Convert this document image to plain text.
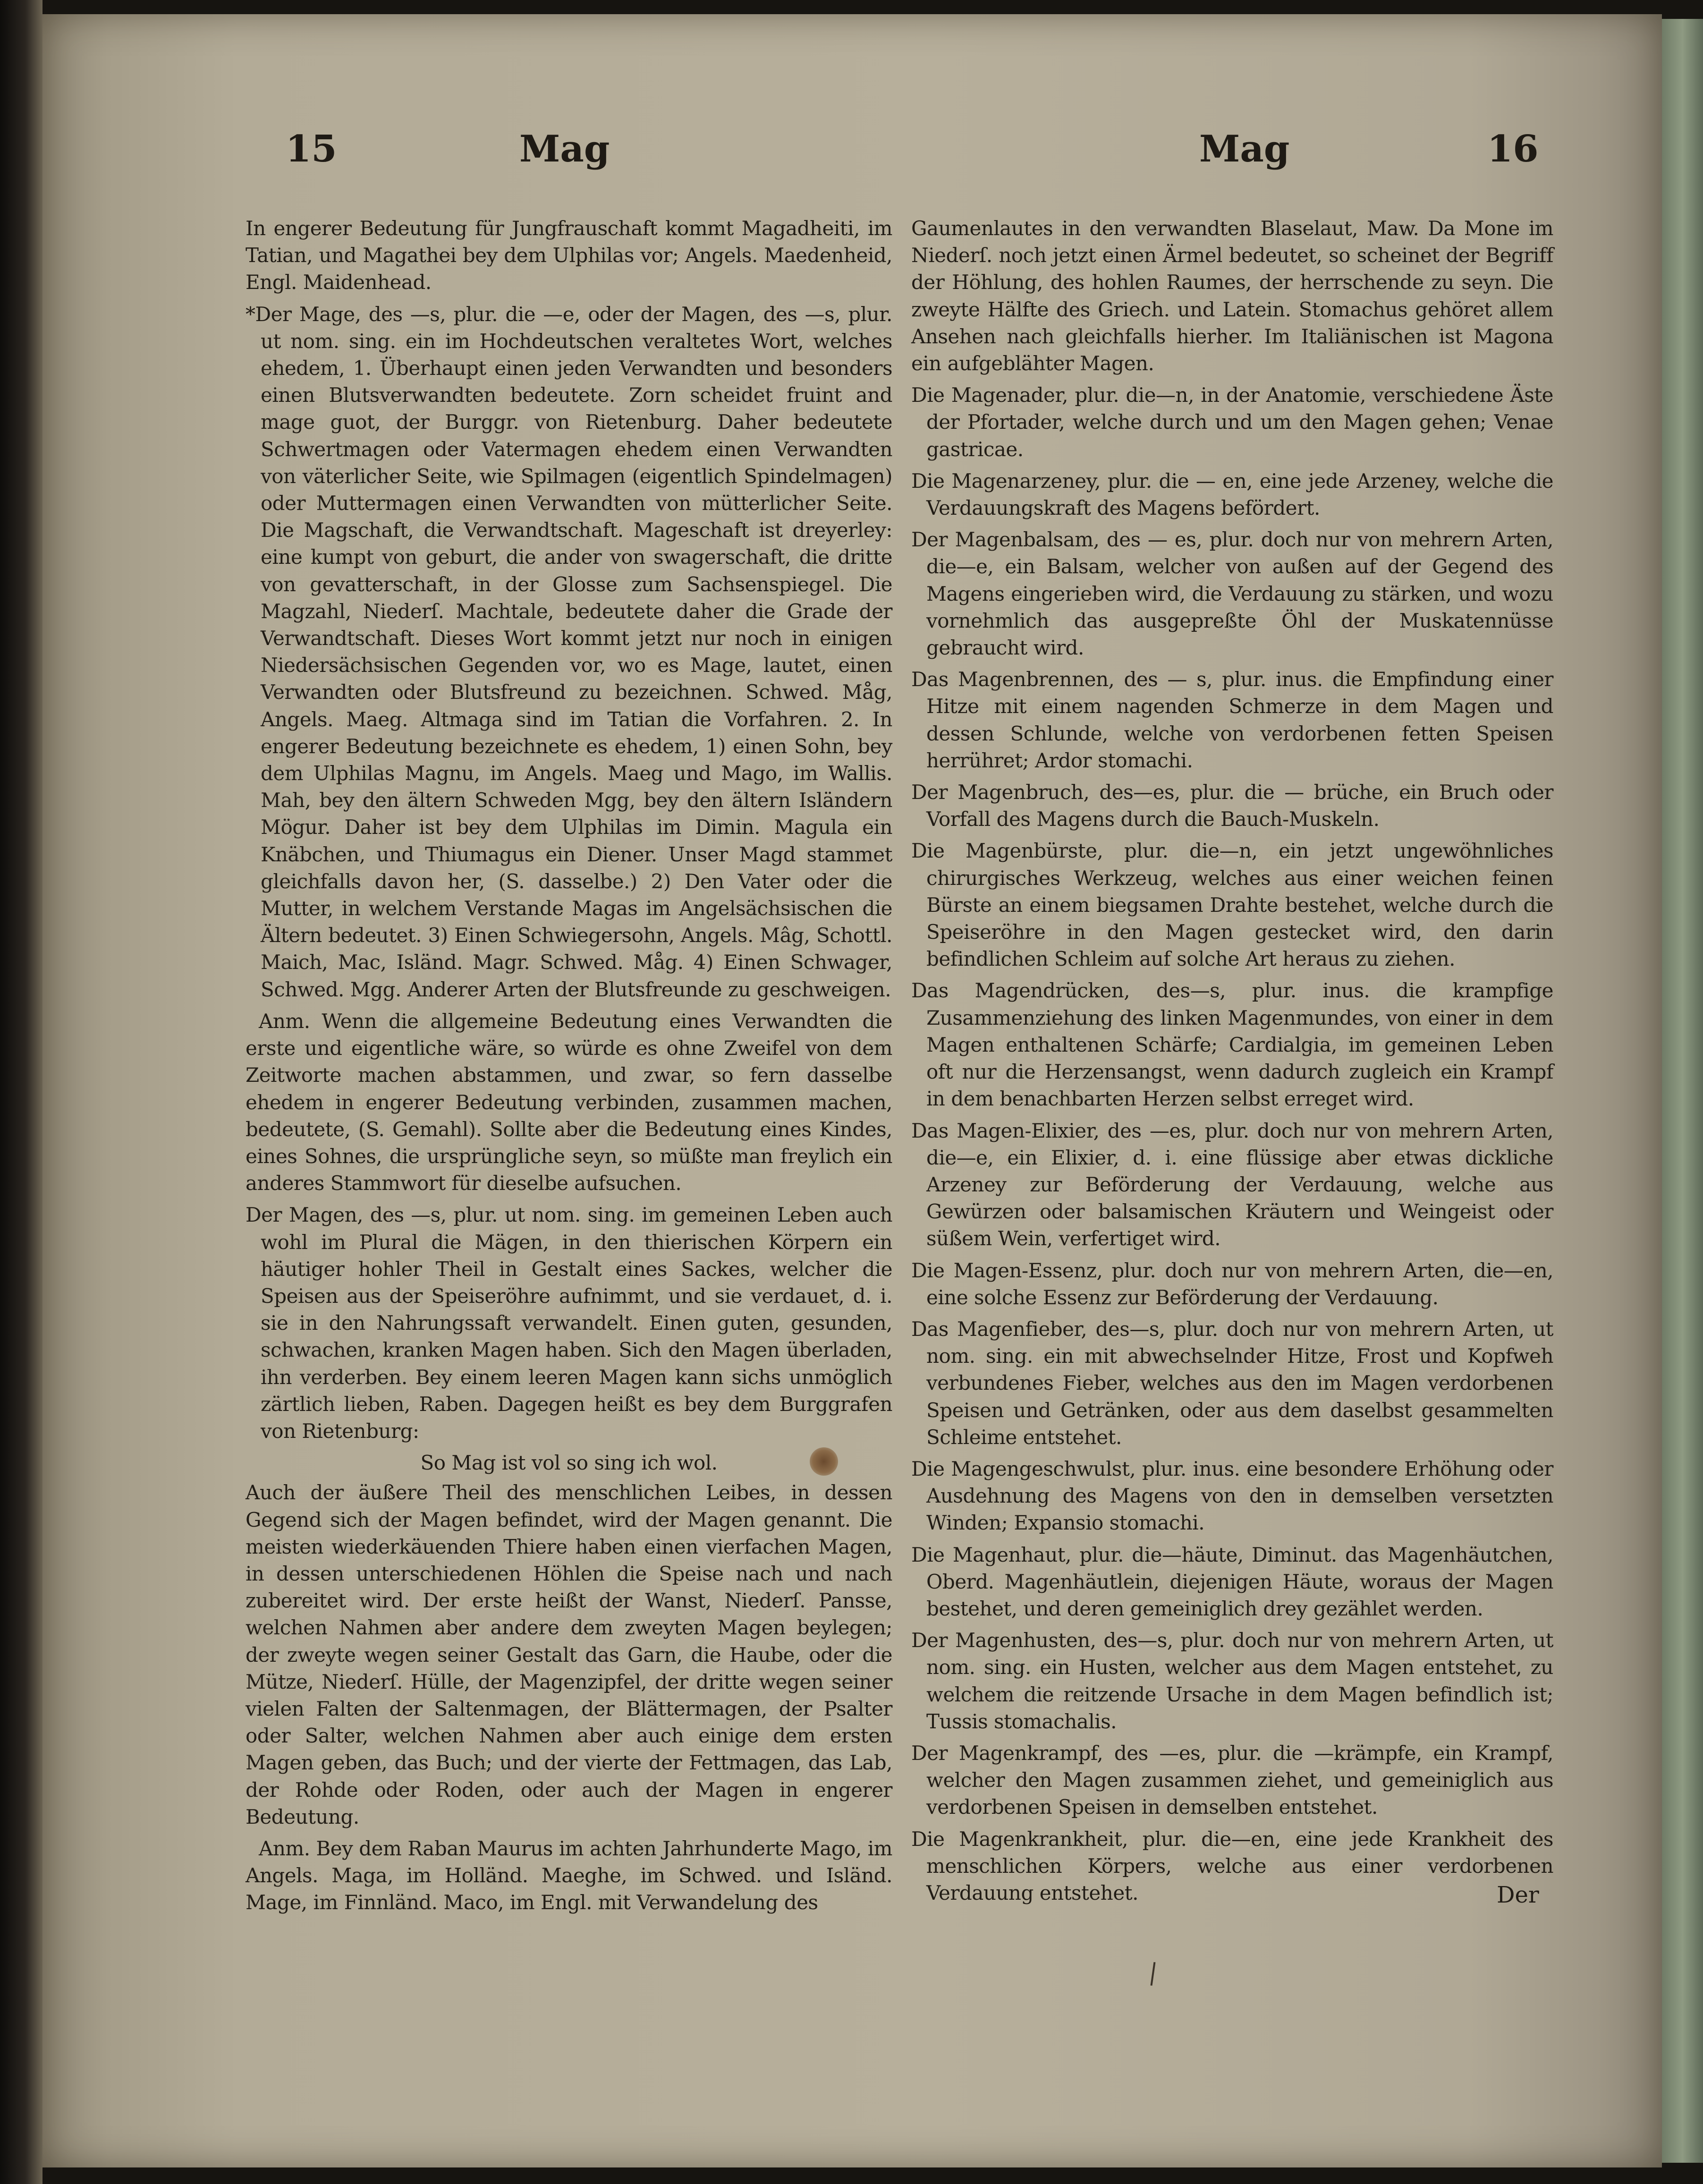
15	Mag	Mag	16

In engerer Bedeutung für Jungfrauschaft kommt Magadheiti, im Tatian, und Magathei bey dem Ulphilas vor; Angels. Maedenheid, Engl. Maidenhead.

*Der Mage, des —s, plur. die —e, oder der Magen, des —s, plur. ut nom. sing. ein im Hochdeutschen veraltetes Wort, welches ehedem, 1. Überhaupt einen jeden Verwandten und besonders einen Blutsverwandten bedeutete. Zorn scheidet fruint and mage guot, der Burggr. von Rietenburg. Daher bedeutete Schwertmagen oder Vatermagen ehedem einen Verwandten von väterlicher Seite, wie Spilmagen (eigentlich Spindelmagen) oder Muttermagen einen Verwandten von mütterlicher Seite. Die Magschaft, die Verwandtschaft. Mageschaft ist dreyerley: eine kumpt von geburt, die ander von swagerschaft, die dritte von gevatterschaft, in der Glosse zum Sachsenspiegel. Die Magzahl, Niederſ. Machtale, bedeutete daher die Grade der Verwandtschaft. Dieses Wort kommt jetzt nur noch in einigen Niedersächsischen Gegenden vor, wo es Mage, lautet, einen Verwandten oder Blutsfreund zu bezeichnen. Schwed. Måg, Angels. Maeg. Altmaga sind im Tatian die Vorfahren. 2. In engerer Bedeutung bezeichnete es ehedem, 1) einen Sohn, bey dem Ulphilas Magnu, im Angels. Maeg und Mago, im Wallis. Mah, bey den ältern Schweden Mgg, bey den ältern Isländern Mögur. Daher ist bey dem Ulphilas im Dimin. Magula ein Knäbchen, und Thiumagus ein Diener. Unser Magd stammet gleichfalls davon her, (S. dasselbe.) 2) Den Vater oder die Mutter, in welchem Verstande Magas im Angelsächsischen die Ältern bedeutet. 3) Einen Schwiegersohn, Angels. Mâg, Schottl. Maich, Mac, Isländ. Magr. Schwed. Måg. 4) Einen Schwager, Schwed. Mgg. Anderer Arten der Blutsfreunde zu geschweigen.

Anm. Wenn die allgemeine Bedeutung eines Verwandten die erste und eigentliche wäre, so würde es ohne Zweifel von dem Zeitworte machen abstammen, und zwar, so fern dasselbe ehedem in engerer Bedeutung verbinden, zusammen machen, bedeutete, (S. Gemahl). Sollte aber die Bedeutung eines Kindes, eines Sohnes, die ursprüngliche seyn, so müßte man freylich ein anderes Stammwort für dieselbe aufsuchen.

Der Magen, des —s, plur. ut nom. sing. im gemeinen Leben auch wohl im Plural die Mägen, in den thierischen Körpern ein häutiger hohler Theil in Gestalt eines Sackes, welcher die Speisen aus der Speiseröhre aufnimmt, und sie verdauet, d. i. sie in den Nahrungssaft verwandelt. Einen guten, gesunden, schwachen, kranken Magen haben. Sich den Magen überladen, ihn verderben. Bey einem leeren Magen kann sichs unmöglich zärtlich lieben, Raben. Dagegen heißt es bey dem Burggrafen von Rietenburg:

So Mag ist vol so sing ich wol.

Auch der äußere Theil des menschlichen Leibes, in dessen Gegend sich der Magen befindet, wird der Magen genannt. Die meisten wiederkäuenden Thiere haben einen vierfachen Magen, in dessen unterschiedenen Höhlen die Speise nach und nach zubereitet wird. Der erste heißt der Wanst, Niederſ. Pansse, welchen Nahmen aber andere dem zweyten Magen beylegen; der zweyte wegen seiner Gestalt das Garn, die Haube, oder die Mütze, Niederſ. Hülle, der Magenzipfel, der dritte wegen seiner vielen Falten der Saltenmagen, der Blättermagen, der Psalter oder Salter, welchen Nahmen aber auch einige dem ersten Magen geben, das Buch; und der vierte der Fettmagen, das Lab, der Rohde oder Roden, oder auch der Magen in engerer Bedeutung.

Anm. Bey dem Raban Maurus im achten Jahrhunderte Mago, im Angels. Maga, im Holländ. Maeghe, im Schwed. und Isländ. Mage, im Finnländ. Maco, im Engl. mit Verwandelung des

Gaumenlautes in den verwandten Blaselaut, Maw. Da Mone im Niederſ. noch jetzt einen Ärmel bedeutet, so scheinet der Begriff der Höhlung, des hohlen Raumes, der herrschende zu seyn. Die zweyte Hälfte des Griech. und Latein. Stomachus gehöret allem Ansehen nach gleichfalls hierher. Im Italiänischen ist Magona ein aufgeblähter Magen.

Die Magenader, plur. die—n, in der Anatomie, verschiedene Äste der Pfortader, welche durch und um den Magen gehen; Venae gastricae.

Die Magenarzeney, plur. die — en, eine jede Arzeney, welche die Verdauungskraft des Magens befördert.

Der Magenbalsam, des — es, plur. doch nur von mehrern Arten, die—e, ein Balsam, welcher von außen auf der Gegend des Magens eingerieben wird, die Verdauung zu stärken, und wozu vornehmlich das ausgepreßte Öhl der Muskatennüsse gebraucht wird.

Das Magenbrennen, des — s, plur. inus. die Empfindung einer Hitze mit einem nagenden Schmerze in dem Magen und dessen Schlunde, welche von verdorbenen fetten Speisen herrühret; Ardor stomachi.

Der Magenbruch, des—es, plur. die — brüche, ein Bruch oder Vorfall des Magens durch die Bauch-Muskeln.

Die Magenbürste, plur. die—n, ein jetzt ungewöhnliches chirurgisches Werkzeug, welches aus einer weichen feinen Bürste an einem biegsamen Drahte bestehet, welche durch die Speiseröhre in den Magen gestecket wird, den darin befindlichen Schleim auf solche Art heraus zu ziehen.

Das Magendrücken, des—s, plur. inus. die krampfige Zusammenziehung des linken Magenmundes, von einer in dem Magen enthaltenen Schärfe; Cardialgia, im gemeinen Leben oft nur die Herzensangst, wenn dadurch zugleich ein Krampf in dem benachbarten Herzen selbst erreget wird.

Das Magen-Elixier, des —es, plur. doch nur von mehrern Arten, die—e, ein Elixier, d. i. eine flüssige aber etwas dickliche Arzeney zur Beförderung der Verdauung, welche aus Gewürzen oder balsamischen Kräutern und Weingeist oder süßem Wein, verfertiget wird.

Die Magen-Essenz, plur. doch nur von mehrern Arten, die—en, eine solche Essenz zur Beförderung der Verdauung.

Das Magenfieber, des—s, plur. doch nur von mehrern Arten, ut nom. sing. ein mit abwechselnder Hitze, Frost und Kopfweh verbundenes Fieber, welches aus den im Magen verdorbenen Speisen und Getränken, oder aus dem daselbst gesammelten Schleime entstehet.

Die Magengeschwulst, plur. inus. eine besondere Erhöhung oder Ausdehnung des Magens von den in demselben versetzten Winden; Expansio stomachi.

Die Magenhaut, plur. die—häute, Diminut. das Magenhäutchen, Oberd. Magenhäutlein, diejenigen Häute, woraus der Magen bestehet, und deren gemeiniglich drey gezählet werden.

Der Magenhusten, des—s, plur. doch nur von mehrern Arten, ut nom. sing. ein Husten, welcher aus dem Magen entstehet, zu welchem die reitzende Ursache in dem Magen befindlich ist; Tussis stomachalis.

Der Magenkrampf, des —es, plur. die —krämpfe, ein Krampf, welcher den Magen zusammen ziehet, und gemeiniglich aus verdorbenen Speisen in demselben entstehet.

Die Magenkrankheit, plur. die—en, eine jede Krankheit des menschlichen Körpers, welche aus einer verdorbenen Verdauung entstehet.	Der
